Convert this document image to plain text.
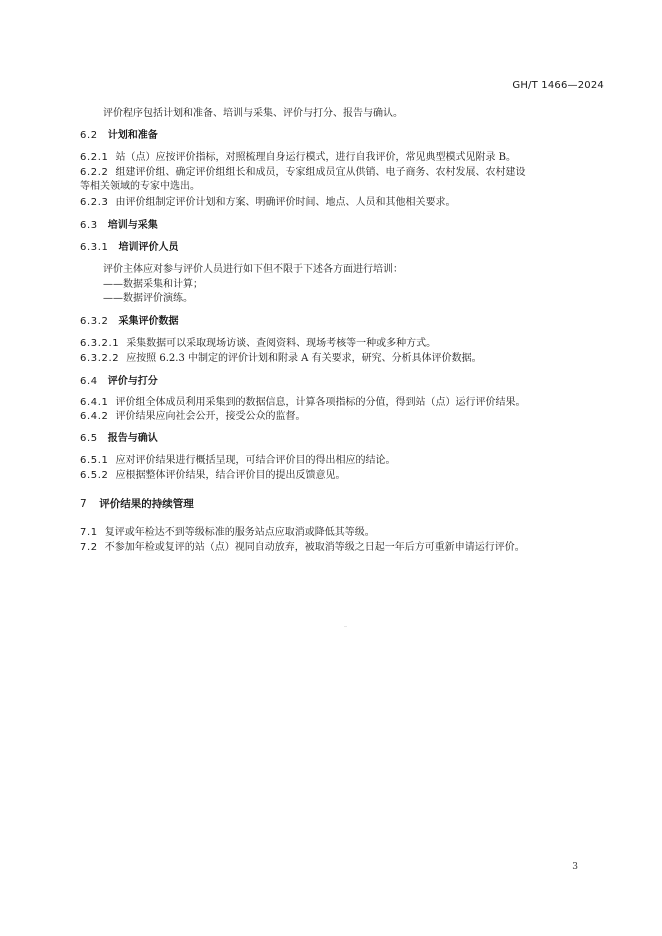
GH/T 1466—2024
评价程序包括计划和准备、培训与采集、评价与打分、报告与确认。
6.2 计划和准备
6.2.1 站（点）应按评价指标，对照梳理自身运行模式，进行自我评价，常见典型模式见附录 B。
6.2.2 组建评价组、确定评价组组长和成员，专家组成员宜从供销、电子商务、农村发展、农村建设
等相关领域的专家中选出。
6.2.3 由评价组制定评价计划和方案、明确评价时间、地点、人员和其他相关要求。
6.3 培训与采集
6.3.1 培训评价人员
评价主体应对参与评价人员进行如下但不限于下述各方面进行培训：
——数据采集和计算；
——数据评价演练。
6.3.2 采集评价数据
6.3.2.1 采集数据可以采取现场访谈、查阅资料、现场考核等一种或多种方式。
6.3.2.2 应按照 6.2.3 中制定的评价计划和附录 A 有关要求，研究、分析具体评价数据。
6.4 评价与打分
6.4.1 评价组全体成员利用采集到的数据信息，计算各项指标的分值，得到站（点）运行评价结果。
6.4.2 评价结果应向社会公开，接受公众的监督。
6.5 报告与确认
6.5.1 应对评价结果进行概括呈现，可结合评价目的得出相应的结论。
6.5.2 应根据整体评价结果，结合评价目的提出反馈意见。
7 评价结果的持续管理
7.1 复评或年检达不到等级标准的服务站点应取消或降低其等级。
7.2 不参加年检或复评的站（点）视同自动放弃，被取消等级之日起一年后方可重新申请运行评价。
3
